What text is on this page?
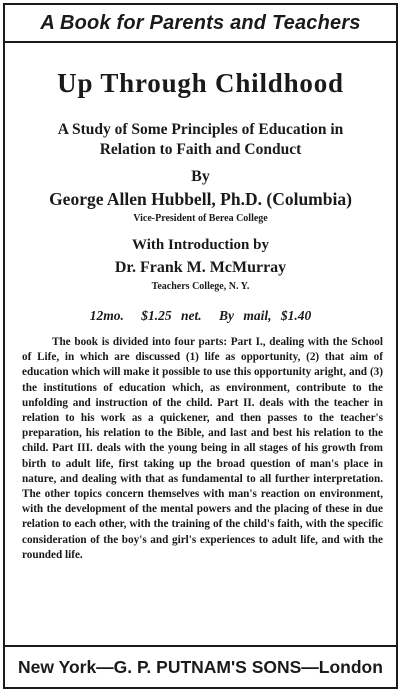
A Book for Parents and Teachers
Up Through Childhood
A Study of Some Principles of Education in
Relation to Faith and Conduct
By
George Allen Hubbell, Ph.D. (Columbia)
Vice-President of Berea College
With Introduction by
Dr. Frank M. McMurray
Teachers College, N. Y.
12mo. $1.25 net. By mail, $1.40

The book is divided into four parts: Part I., dealing with the School of Life, in which are discussed (1) life as opportunity, (2) that aim of education which will make it possible to use this opportunity aright, and (3) the institutions of education which, as environment, contribute to the unfolding and instruction of the child. Part II. deals with the teacher in relation to his work as a quickener, and then passes to the teacher's preparation, his relation to the Bible, and last and best his relation to the child. Part III. deals with the young being in all stages of his growth from birth to adult life, first taking up the broad question of man's place in nature, and dealing with that as fundamental to all further interpretation. The other topics concern themselves with man's reaction on environment, with the development of the mental powers and the placing of these in due relation to each other, with the training of the child's faith, with the specific consideration of the boy's and girl's experiences to adult life, and with the rounded life.

New York—G. P. PUTNAM'S SONS—London
